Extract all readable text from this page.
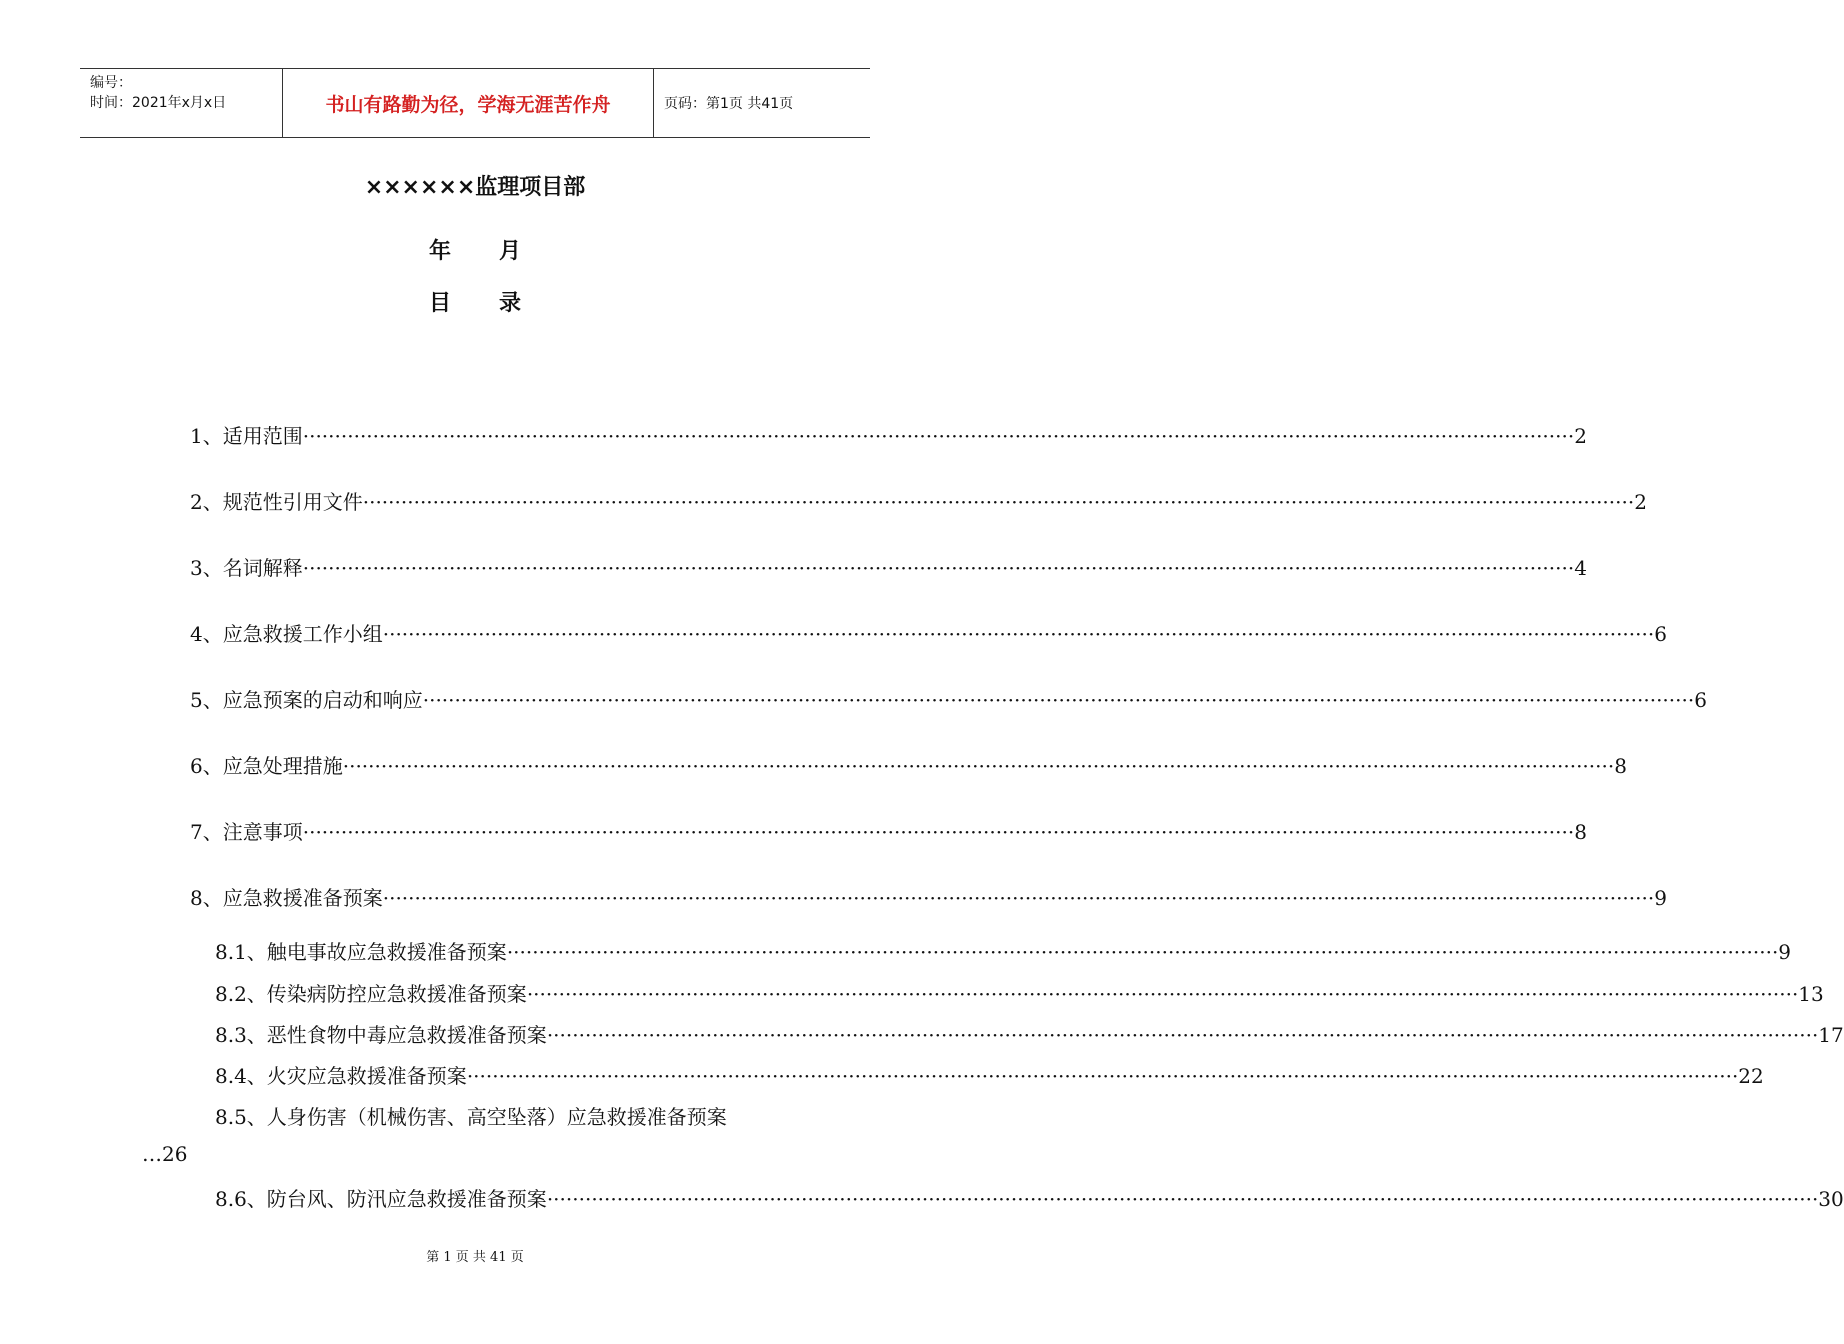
编号：
时间：2021年x月x日	书山有路勤为径，学海无涯苦作舟	页码：第1页 共41页
××××××监理项目部
年 月
目 录
1、适用范围 ········································································································································································································ 2
2、规范性引用文件 ········································································································································································································ 2
3、名词解释 ········································································································································································································ 4
4、应急救援工作小组 ········································································································································································································ 6
5、应急预案的启动和响应 ········································································································································································································ 6
6、应急处理措施 ········································································································································································································ 8
7、注意事项 ········································································································································································································ 8
8、应急救援准备预案 ········································································································································································································ 9
8.1、触电事故应急救援准备预案 ········································································································································································································ 9
8.2、传染病防控应急救援准备预案 ········································································································································································································ 13
8.3、恶性食物中毒应急救援准备预案 ········································································································································································································ 17
8.4、火灾应急救援准备预案 ········································································································································································································ 22
8.5、人身伤害（机械伤害、高空坠落）应急救援准备预案
…26
8.6、防台风、防汛应急救援准备预案 ········································································································································································································ 30
第 1 页 共 41 页
